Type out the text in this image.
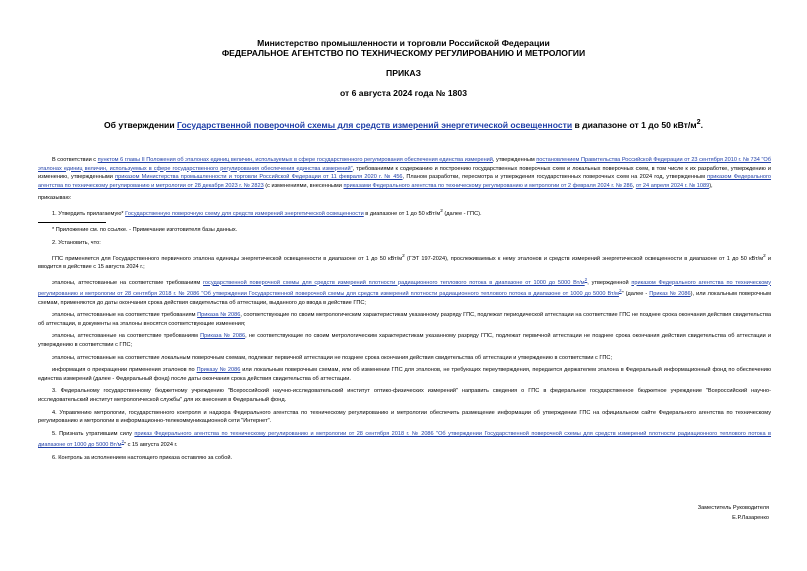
Министерство промышленности и торговли Российской Федерации
ФЕДЕРАЛЬНОЕ АГЕНТСТВО ПО ТЕХНИЧЕСКОМУ РЕГУЛИРОВАНИЮ И МЕТРОЛОГИИ
ПРИКАЗ
от 6 августа 2024 года № 1803
Об утверждении Государственной поверочной схемы для средств измерений энергетической освещенности в диапазоне от 1 до 50 кВт/$м^2$.

В соответствии с пунктом 6 главы II Положения об эталонах единиц величин, используемых в сфере государственного регулирования обеспечения единства измерений, утвержденным постановлением Правительства Российской Федерации от 23 сентября 2010 г. № 734 "Об эталонах единиц величин, используемых в сфере государственного регулирования обеспечения единства измерений", требованиями к содержанию и построению государственных поверочных схем и локальных поверочных схем, в том числе к их разработке, утверждению и изменению, утвержденными приказом Министерства промышленности и торговли Российской Федерации от 11 февраля 2020 г. № 456, Планом разработки, пересмотра и утверждения государственных поверочных схем на 2024 год, утвержденным приказом Федерального агентства по техническому регулированию и метрологии от 28 декабря 2023 г. № 2823 (с изменениями, внесенными приказами Федерального агентства по техническому регулированию и метрологии от 2 февраля 2024 г. № 286, от 24 апреля 2024 г. № 1089),

приказываю:

1. Утвердить прилагаемую* Государственную поверочную схему для средств измерений энергетической освещенности в диапазоне от 1 до 50 кВт/$м^2$ (далее - ГПС).

* Приложение см. по ссылке. - Примечание изготовителя базы данных.

2. Установить, что:

ГПС применяется для Государственного первичного эталона единицы энергетической освещенности в диапазоне от 1 до 50 кВт/$м^2$ (ГЭТ 197-2024), прослеживаемых к нему эталонов и средств измерений энергетической освещенности в диапазоне от 1 до 50 кВт/$м^2$ и вводится в действие с 15 августа 2024 г.;

эталоны, аттестованные на соответствие требованиям государственной поверочной схемы для средств измерений плотности радиационного теплового потока в диапазоне от 1000 до 5000 $Вт/м^2$, утвержденной приказом Федерального агентства по техническому регулированию и метрологии от 28 сентября 2018 г. № 2086 "Об утверждении Государственной поверочной схемы для средств измерений плотности радиационного теплового потока в диапазоне от 1000 до 5000 $Вт/м^2$" (далее - Приказ № 2086), или локальным поверочным схемам, применяются до даты окончания срока действия свидетельства об аттестации, выданного до ввода в действие ГПС;

эталоны, аттестованные на соответствие требованиям Приказа № 2086, соответствующие по своим метрологическим характеристикам указанному разряду ГПС, подлежат периодической аттестации на соответствие ГПС не позднее срока окончания действия свидетельства об аттестации, в документы на эталоны вносятся соответствующие изменения;

эталоны, аттестованные на соответствие требованиям Приказа № 2086, не соответствующие по своим метрологическим характеристикам указанному разряду ГПС, подлежат первичной аттестации не позднее срока окончания действия свидетельства об аттестации и утверждению в соответствии с ГПС;

эталоны, аттестованные на соответствие локальным поверочным схемам, подлежат первичной аттестации не позднее срока окончания действия свидетельства об аттестации и утверждению в соответствии с ГПС;

информация о прекращении применения эталонов по Приказу № 2086 или локальным поверочным схемам, или об изменении ГПС для эталонов, не требующих переутверждения, передается держателем эталона в Федеральный информационный фонд по обеспечению единства измерений (далее - Федеральный фонд) после даты окончания срока действия свидетельства об аттестации.

3. Федеральному государственному бюджетному учреждению "Всероссийский научно-исследовательский институт оптико-физических измерений" направить сведения о ГПС в федеральное государственное бюджетное учреждение "Всероссийский научно-исследовательский институт метрологической службы" для их внесения в Федеральный фонд.

4. Управлению метрологии, государственного контроля и надзора Федерального агентства по техническому регулированию и метрологии обеспечить размещение информации об утверждении ГПС на официальном сайте Федерального агентства по техническому регулированию и метрологии в информационно-телекоммуникационной сети "Интернет".

5. Признать утратившим силу приказ Федерального агентства по техническому регулированию и метрологии от 28 сентября 2018 г. № 2086 "Об утверждении Государственной поверочной схемы для средств измерений плотности радиационного теплового потока в диапазоне от 1000 до 5000 $Вт/м^2$" с 15 августа 2024 г.

6. Контроль за исполнением настоящего приказа оставляю за собой.

Заместитель Руководителя
Е.Р.Лазаренко
